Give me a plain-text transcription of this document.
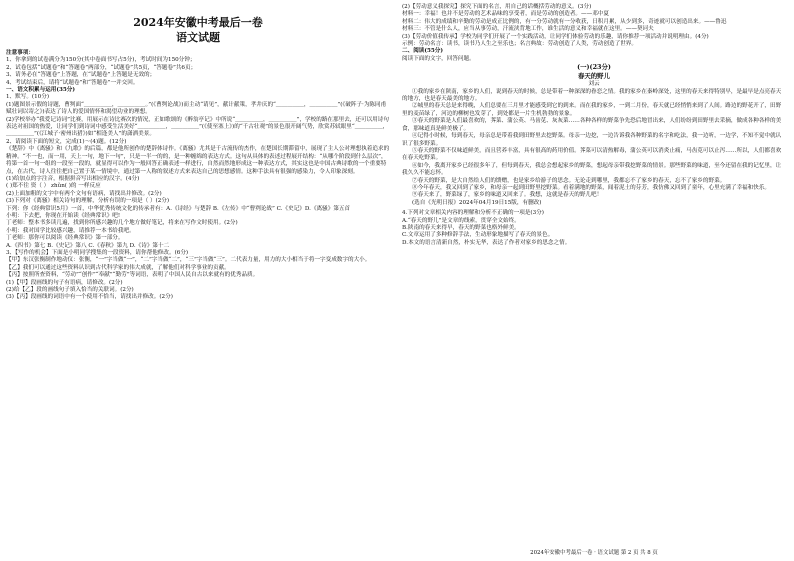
2024年安徽中考最后一卷
语文试题

注意事项：

1、你拿到的试卷满分为150分(其中卷面书写占5分)，考试时间为150分钟；

2、试卷包括“试题卷”和“答题卷”两部分，“试题卷”共5页，“答题卷”共6页；

3、请务必在“答题卷”上答题，在“试题卷”上答题是无效的；

4、考试结束后，请将“试题卷”和“答题卷”一并交回。

一、语文积累与运用(35分)

1、默写。(10分)

(1)题图景示假的诗题，曹刿面“＿＿＿＿＿，＿＿＿＿＿。”(《曹刿论战》)而主动“请见”，献计献策，孝井庆的“＿＿＿＿＿，＿＿＿＿＿”(《破阵子·为陈同甫赋壮词以寄之》)表达了诗人的爱国情怀和渴望功业的理想。

(2)学校举办“我爱记诗词”比赛，用展示在诗比赛次的情况，正如歌颂的《醉翁亭记》中所说“＿＿＿＿＿，＿＿＿＿＿”，学校的路在那里去，还可以用诗句表达对祖国的热爱，让同学们到诗词中感受生活美好“＿＿＿＿＿，＿＿＿＿＿”(《使至塞上》)的“千古壮观”的景色很开阔气势，欣赏苏轼眼里“＿＿＿＿＿，＿＿＿＿＿”(《江城子·密州出猎》)如“相逢美人”的潇洒美景。

2、请阅读下面的短文，完成(1)～(4)题。(12分)

《楚辞》中《离骚》和《九歌》的后篇，都是他所创作的楚辞体诗作。《离骚》尤其是千古流传的杰作，在楚国长期滞留中，展现了主人公对理想执着追求的精神。“不一也，而一用，天上一句，地下一句”，只是一半一的的，是一种缠绵的表达方式。这句从具体的表述过程展开结构：“从哪个阶段到什么层次”，将第一首一句一组的一段至一段的，就显得可以作为一般回答正确表述一样进行，自然而然地形成这一种表达方式，其实这也是中国古典诗歌的一个重要特点，在古代，诗人往往把自己置于某一情境中，通过第一人称的叙述方式来表达自己的思想感情。这种手法具有很强的感染力，令人印象深刻。

(1)给加点的字注音，根据拼音写出相应的汉字。(4分)

( )郑不往 资（ ） zhǔn( )的 一样反应

(2)上面加粗的文字中有两个文句有语病，请找出并修改。(2分)

(3)下列对《离骚》相关诗句的理解，分析有误的一项是（ ）(2分)

下列：你《经典常识5月》一首，中华优秀传统文化的传承者有：A.《诗经》与楚辞 B.《左传》中“曹刿论战” C.《史记》D.《离骚》第五首

小明：下去把，你现在开始读《经典常识》吧!

丁老师：整本书多读几遍，找到你所感兴趣的几个地方做好笔记，将来在写作文时使用。(2分)

小明：我对国学比较感兴趣，请推荐一本书给我吧。

丁老师：那你可以阅读《经典常识》第一部分。

A.《四书》第七 B.《史记》第八 C.《春秋》第九 D.《诗》第十二

3、【写作的机会】下面是小明同学搜集的一段资料，请你帮他修改。(6分)

【甲】东汉张衡制作地动仪：张衡，“一”字当做“一”，“二”字当做“二”，“三”字当做“三”。二代表力量，用力的大小相当于将一字变成数字的大小。

【乙】我们可以通过这些资料认识到古代科学家的伟大成就，了解他们对科学事业的贡献。

【丙】按照所查资料，“劳动”“创作”“奉献”“勤劳”等词语，表明了中国人民自古以来就有的优秀品质。

(1)【甲】段画线的句子有语病，请修改。(2分)

(2)给【乙】段的画线句子填入恰当的关联词。(2分)

(3)【丙】段画线的词语中有一个使用不恰当，请找出并修改。(2分)

(2)【劳动意义我探究】探究下面的名言，用自己的话概括劳动的意义。(3分)

材料一：幸福！也并不是劳动的艺术品味的享受者，而是劳动的创造者。——邓中夏

材料二：伟大的成绩和辛勤的劳动是成正比例的，有一分劳动就有一分收获，日积月累，从少到多，奇迹就可以创造出来。——鲁迅

材料三：不管是什么人，应当从事劳动，汗流浃背地工作，谁生活的意义和幸福就在这里。——契诃夫

(3)【劳动价值我传承】学校为同学们开展了一个实践活动，让同学们体验劳动的乐趣，请你推荐一项活动并说明理由。(4分)

示例：劳动名言：读书，读书乃人生之至乐也；名言典故：劳动创造了人类，劳动创造了世界。

二、阅读(55分)

阅读下面的文字，回答问题。

(一)(23分)
春天的野儿
刘云

①我的家乡在陕南，家乡的人们，说到春天的时候，总是带着一种深深的眷恋之情。我的家乡在秦岭深处，这里的春天来得特别早，是最早是点亮春天的地方，也是春天最美的地方。

②城里的春天总是来得晚，人们总要在三月里才能感受到它的到来。而在我的家乡，一到二月份，春天就已经悄悄来到了人间。路边的野花开了，田野里的麦苗绿了，河边的柳树也发芽了，到处都是一片生机勃勃的景象。

③春天的野菜是人们最喜欢的，荠菜、蒲公英、马齿苋、灰灰菜……各种各样的野菜争先恐后地冒出来，人们纷纷到田野里去采摘，做成各种各样的美食，那味道真是鲜美极了。

④记得小时候，每到春天，母亲总是带着我到田野里去挖野菜。母亲一边挖，一边告诉我各种野菜的名字和吃法，我一边听，一边学，不知不觉中就认识了很多野菜。

⑤春天的野菜不仅味道鲜美，而且营养丰富，具有很高的药用价值。荠菜可以清热解毒，蒲公英可以消炎止痛，马齿苋可以止泻……所以，人们都喜欢在春天吃野菜。

⑥如今，我离开家乡已经很多年了，但每到春天，我总会想起家乡的野菜，想起母亲带我挖野菜的情景。那些野菜的味道，至今还留在我的记忆里，让我久久不能忘怀。

⑦春天的野菜，是大自然给人们的馈赠，也是家乡给游子的思念。无论走到哪里，我都忘不了家乡的春天，忘不了家乡的野菜。

⑧今年春天，我又回到了家乡，和母亲一起到田野里挖野菜。看着满地的野菜，闻着泥土的芬芳，我仿佛又回到了童年，心里充满了幸福和快乐。

⑨春天来了，野菜绿了，家乡的味道又回来了。我想，这就是春天的野儿吧！

(选自《光明日报》2024年04月19日15版，有删改)

4.下列对文章相关内容的理解和分析不正确的一项是(3分)

A.“春天的野儿”是文章的线索，贯穿全文始终。

B.陕南的春天来得早，春天的野菜也格外鲜美。

C.文章运用了多种修辞手法，生动形象地描写了春天的景色。

D.本文的语言清新自然，朴实无华，表达了作者对家乡的思念之情。

2024年安徽中考最后一卷 · 语文试题 第 2 页 共 8 页
